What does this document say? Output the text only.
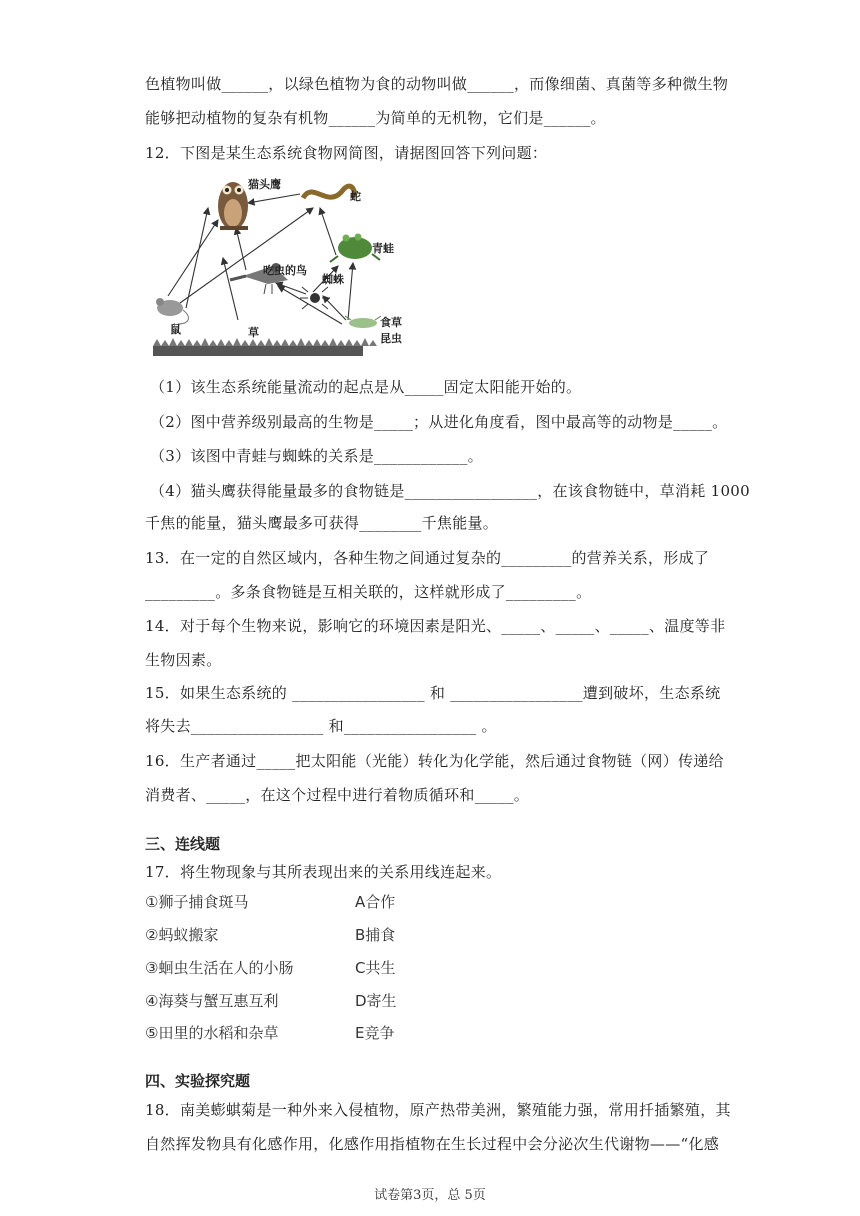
色植物叫做______，以绿色植物为食的动物叫做______，而像细菌、真菌等多种微生物
能够把动植物的复杂有机物______为简单的无机物，它们是______。
12．下图是某生态系统食物网简图，请据图回答下列问题：
猫头鹰
蛇
青蛙
吃虫的鸟
蜘蛛
鼠
食草
昆虫
草
（1）该生态系统能量流动的起点是从_____固定太阳能开始的。
（2）图中营养级别最高的生物是_____；从进化角度看，图中最高等的动物是_____。
（3）该图中青蛙与蜘蛛的关系是____________。
（4）猫头鹰获得能量最多的食物链是_________________，在该食物链中，草消耗 1000
千焦的能量，猫头鹰最多可获得________千焦能量。
13．在一定的自然区域内，各种生物之间通过复杂的_________的营养关系，形成了
_________。多条食物链是互相关联的，这样就形成了_________。
14．对于每个生物来说，影响它的环境因素是阳光、_____、_____、_____、温度等非
生物因素。
15．如果生态系统的 _________________ 和 _________________遭到破坏，生态系统
将失去_________________ 和_________________ 。
16．生产者通过_____把太阳能（光能）转化为化学能，然后通过食物链（网）传递给
消费者、_____，在这个过程中进行着物质循环和_____。
三、连线题
17．将生物现象与其所表现出来的关系用线连起来。
①狮子捕食斑马	A合作
②蚂蚁搬家	B捕食
③蛔虫生活在人的小肠	C共生
④海葵与蟹互惠互利	D寄生
⑤田里的水稻和杂草	E竞争
四、实验探究题
18．南美蟛蜞菊是一种外来入侵植物，原产热带美洲，繁殖能力强，常用扦插繁殖，其
自然挥发物具有化感作用，化感作用指植物在生长过程中会分泌次生代谢物——“化感
试卷第3页，总 5页
